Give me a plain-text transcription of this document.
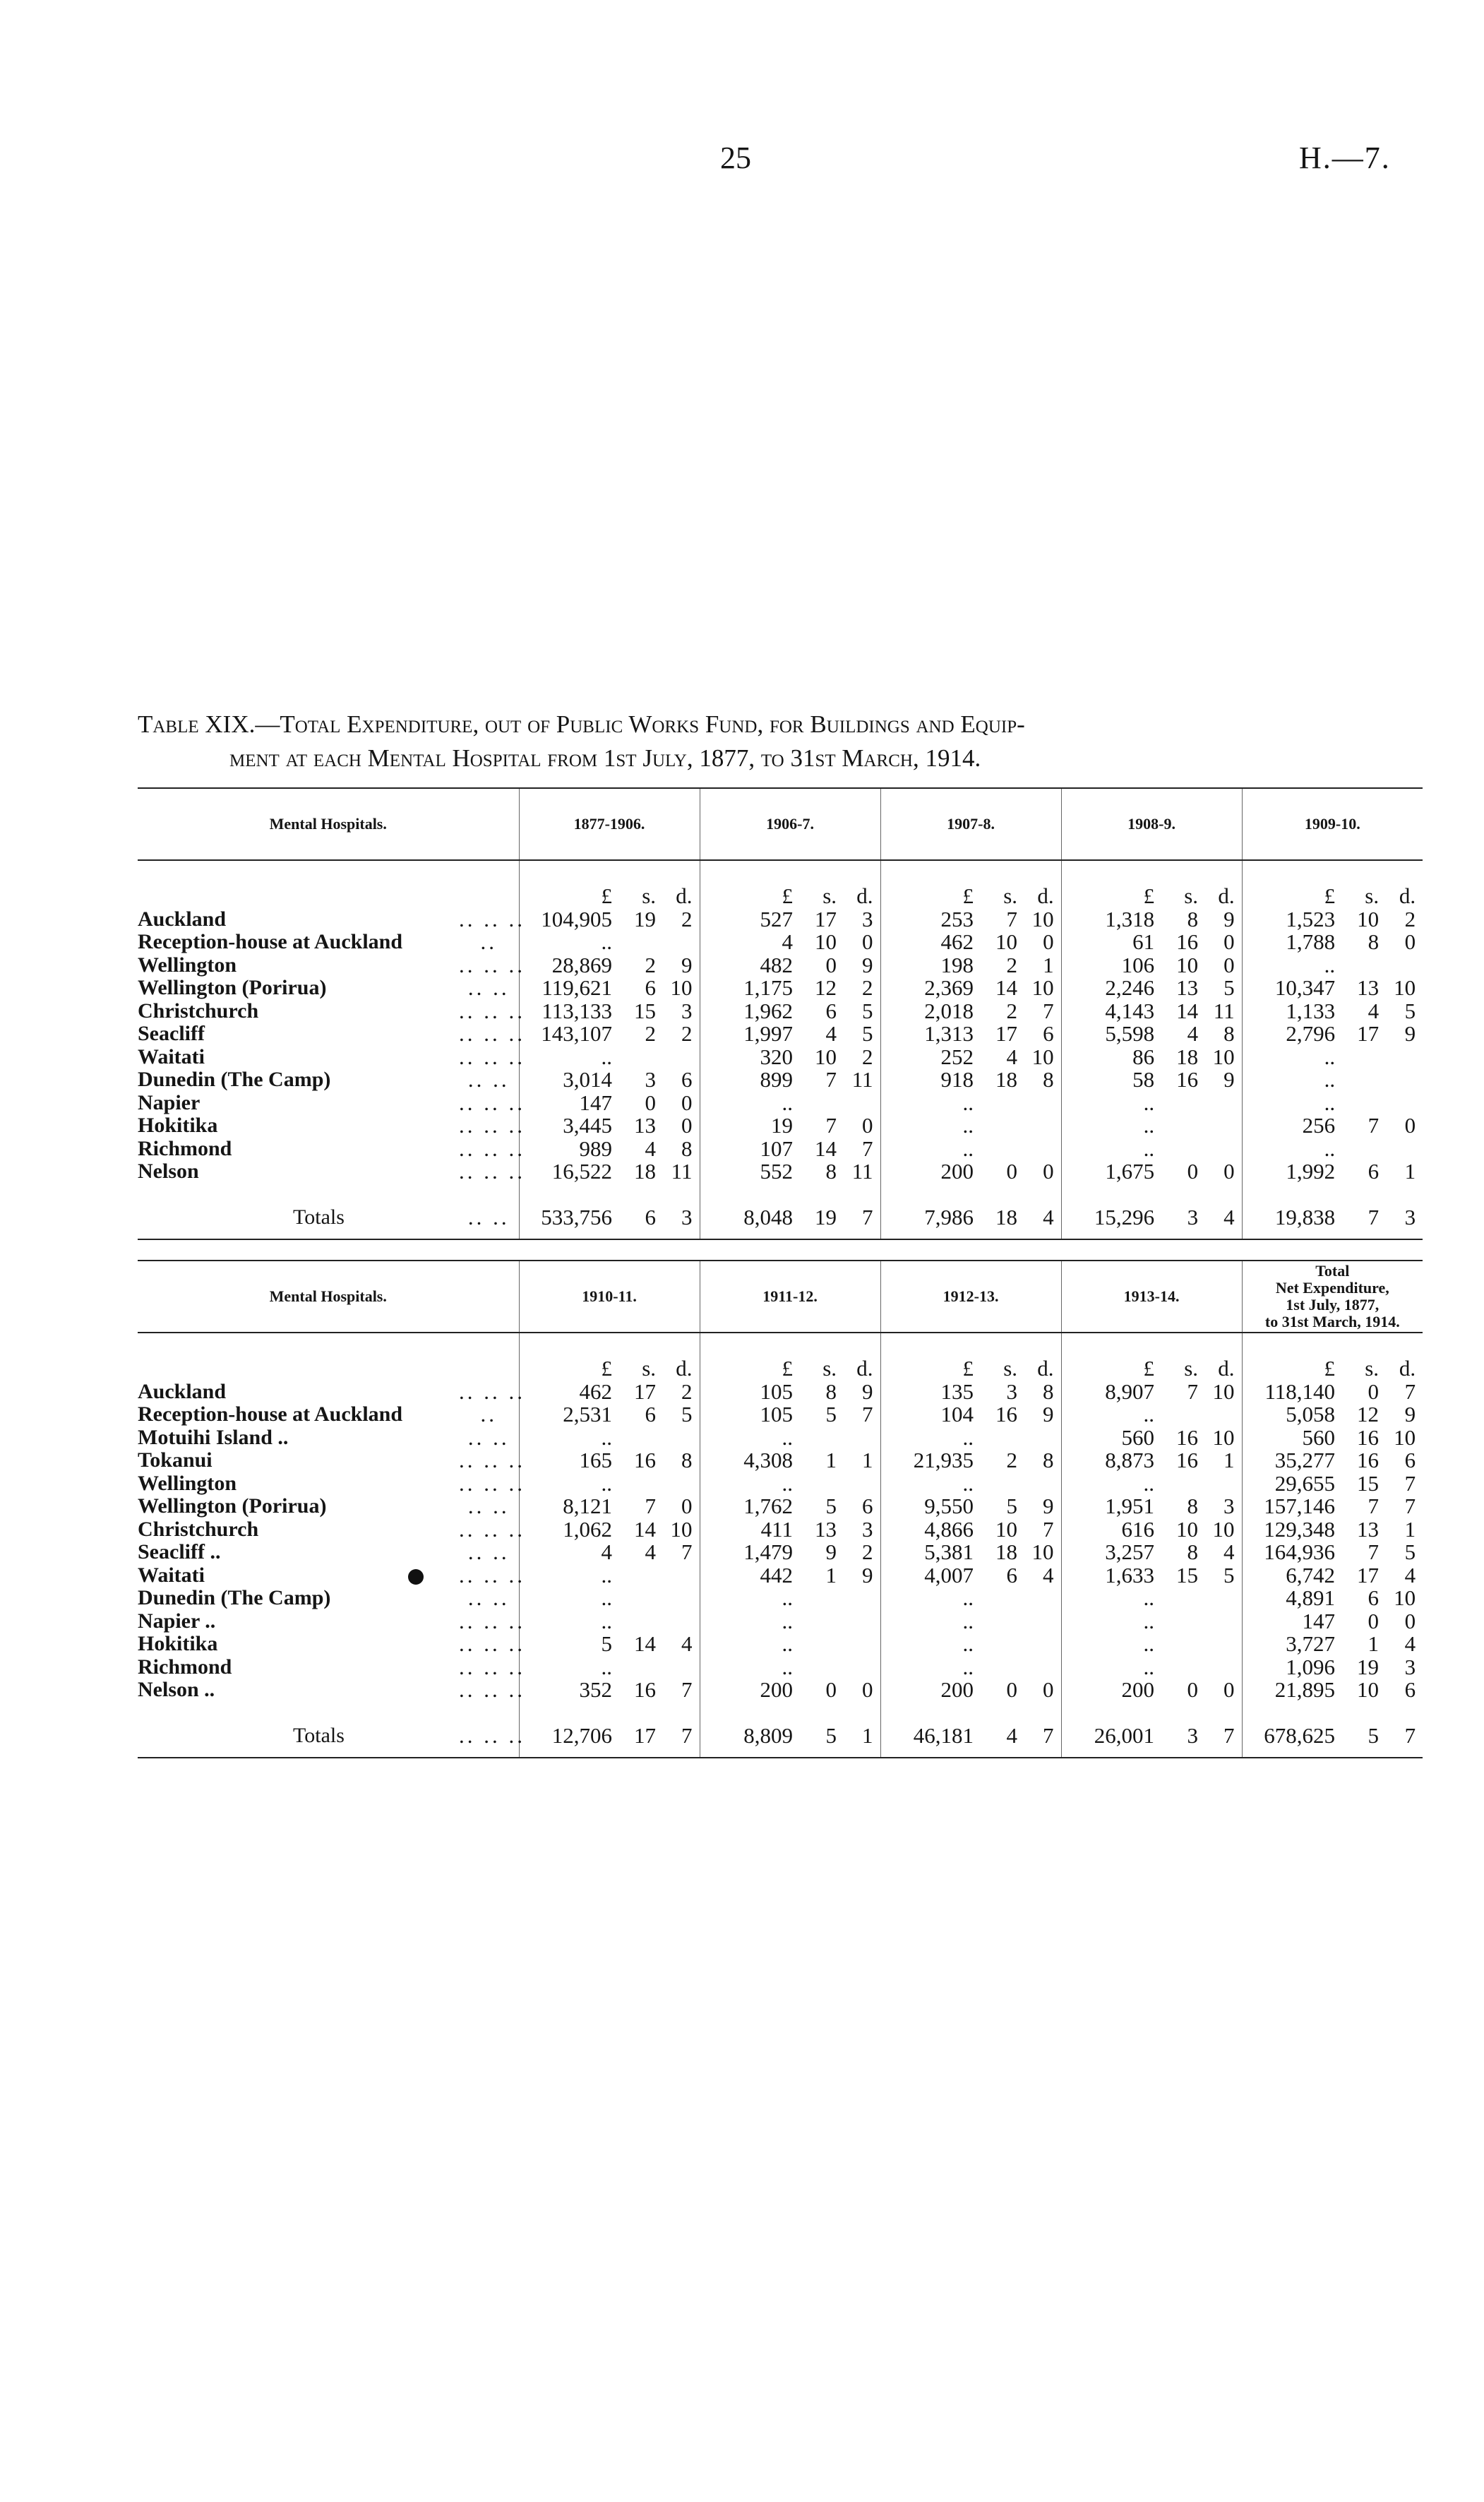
25	H.—7.
Table XIX.—Total Expenditure, out of Public Works Fund, for Buildings and Equip-
ment at each Mental Hospital from 1st July, 1877, to 31st March, 1914.
Mental Hospitals.		1877-1906.			1906-7.			1907-8.			1908-9.			1909-10.		
		£	s.	d.	£	s.	d.	£	s.	d.	£	s.	d.	£	s.	d.
Auckland	.. .. ..	104,905	19	2	527	17	3	253	7	10	1,318	8	9	1,523	10	2
Reception-house at Auckland	..	..			4	10	0	462	10	0	61	16	0	1,788	8	0
Wellington	.. .. ..	28,869	2	9	482	0	9	198	2	1	106	10	0	..		
Wellington (Porirua)	.. ..	119,621	6	10	1,175	12	2	2,369	14	10	2,246	13	5	10,347	13	10
Christchurch	.. .. ..	113,133	15	3	1,962	6	5	2,018	2	7	4,143	14	11	1,133	4	5
Seacliff	.. .. ..	143,107	2	2	1,997	4	5	1,313	17	6	5,598	4	8	2,796	17	9
Waitati	.. .. ..	..			320	10	2	252	4	10	86	18	10	..		
Dunedin (The Camp)	.. ..	3,014	3	6	899	7	11	918	18	8	58	16	9	..		
Napier	.. .. ..	147	0	0	..			..			..			..		
Hokitika	.. .. ..	3,445	13	0	19	7	0	..			..			256	7	0
Richmond	.. .. ..	989	4	8	107	14	7	..			..			..		
Nelson	.. .. ..	16,522	18	11	552	8	11	200	0	0	1,675	0	0	1,992	6	1
Totals	.. ..	533,756	6	3	8,048	19	7	7,986	18	4	15,296	3	4	19,838	7	3
Mental Hospitals.		1910-11.			1911-12.			1912-13.			1913-14.			Total
Net Expenditure,
1st July, 1877,
to 31st March, 1914.		

		£	s.	d.	£	s.	d.	£	s.	d.	£	s.	d.	£	s.	d.
Auckland	.. .. ..	462	17	2	105	8	9	135	3	8	8,907	7	10	118,140	0	7
Reception-house at Auckland	..	2,531	6	5	105	5	7	104	16	9	..			5,058	12	9
Motuihi Island ..	.. ..	..			..			..			560	16	10	560	16	10
Tokanui	.. .. ..	165	16	8	4,308	1	1	21,935	2	8	8,873	16	1	35,277	16	6
Wellington	.. .. ..	..			..			..			..			29,655	15	7
Wellington (Porirua)	.. ..	8,121	7	0	1,762	5	6	9,550	5	9	1,951	8	3	157,146	7	7
Christchurch	.. .. ..	1,062	14	10	411	13	3	4,866	10	7	616	10	10	129,348	13	1
Seacliff ..	.. ..	4	4	7	1,479	9	2	5,381	18	10	3,257	8	4	164,936	7	5
Waitati	.. .. ..	..			442	1	9	4,007	6	4	1,633	15	5	6,742	17	4
Dunedin (The Camp)	.. ..	..			..			..			..			4,891	6	10
Napier ..	.. .. ..	..			..			..			..			147	0	0
Hokitika	.. .. ..	5	14	4	..			..			..			3,727	1	4
Richmond	.. .. ..	..			..			..			..			1,096	19	3
Nelson ..	.. .. ..	352	16	7	200	0	0	200	0	0	200	0	0	21,895	10	6
Totals	.. .. ..	12,706	17	7	8,809	5	1	46,181	4	7	26,001	3	7	678,625	5	7
